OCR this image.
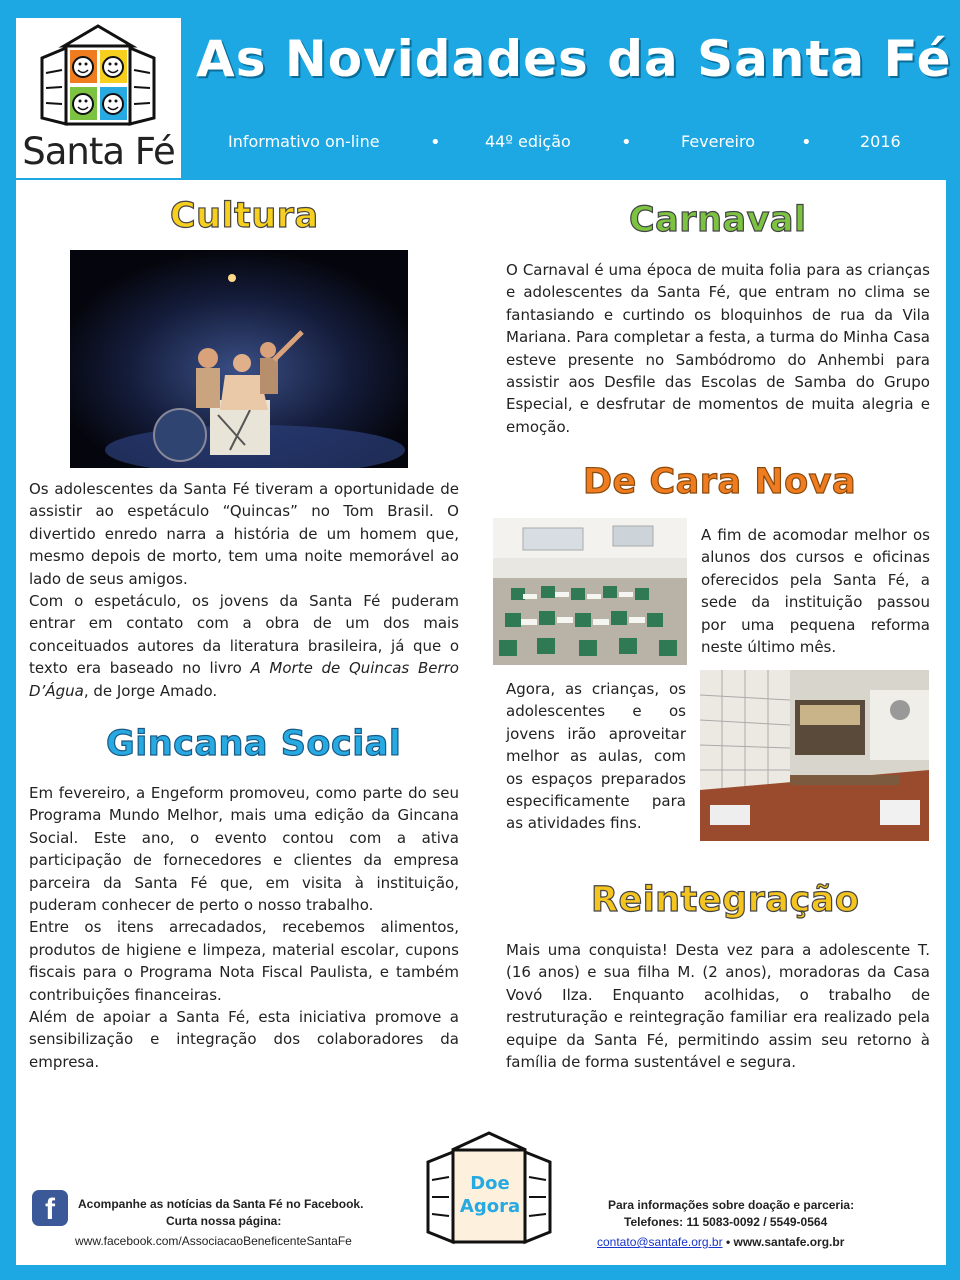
Santa Fé
As Novidades da Santa Fé
Informativo on-line	•	44º edição	•	Fevereiro	•	2016
Cultura

Os adolescentes da Santa Fé tiveram a oportunidade de assistir ao espetáculo “Quincas” no Tom Brasil. O divertido enredo narra a história de um homem que, mesmo depois de morto, tem uma noite memorável ao lado de seus amigos.

Com o espetáculo, os jovens da Santa Fé puderam entrar em contato com a obra de um dos mais conceituados autores da literatura brasileira, já que o texto era baseado no livro A Morte de Quincas Berro D’Água, de Jorge Amado.

Gincana Social

Em fevereiro, a Engeform promoveu, como parte do seu Programa Mundo Melhor, mais uma edição da Gincana Social. Este ano, o evento contou com a ativa participação de fornecedores e clientes da empresa parceira da Santa Fé que, em visita à instituição, puderam conhecer de perto o nosso trabalho.

Entre os itens arrecadados, recebemos alimentos, produtos de higiene e limpeza, material escolar, cupons fiscais para o Programa Nota Fiscal Paulista, e também contribuições financeiras.

Além de apoiar a Santa Fé, esta iniciativa promove a sensibilização e integração dos colaboradores da empresa.

Carnaval

O Carnaval é uma época de muita folia para as crianças e adolescentes da Santa Fé, que entram no clima se fantasiando e curtindo os bloquinhos de rua da Vila Mariana. Para completar a festa, a turma do Minha Casa esteve presente no Sambódromo do Anhembi para assistir aos Desfile das Escolas de Samba do Grupo Especial, e desfrutar de momentos de muita alegria e emoção.

De Cara Nova

A fim de acomodar melhor os alunos dos cursos e oficinas oferecidos pela Santa Fé, a sede da instituição passou por uma pequena reforma neste último mês.

Agora, as crianças, os adolescentes e os jovens irão aproveitar melhor as aulas, com os espaços preparados especificamente para as atividades fins.

Reintegração

Mais uma conquista! Desta vez para a adolescente T. (16 anos) e sua filha M. (2 anos), moradoras da Casa Vovó Ilza. Enquanto acolhidas, o trabalho de restruturação e reintegração familiar era realizado pela equipe da Santa Fé, permitindo assim seu retorno à família de forma sustentável e segura.

f	Acompanhe as notícias da Santa Fé no Facebook.
Curta nossa página:
www.facebook.com/AssociacaoBeneficenteSantaFe
Doe
Agora	Para informações sobre doação e parceria:
Telefones: 11 5083-0092 / 5549-0564
contato@santafe.org.br • www.santafe.org.br
